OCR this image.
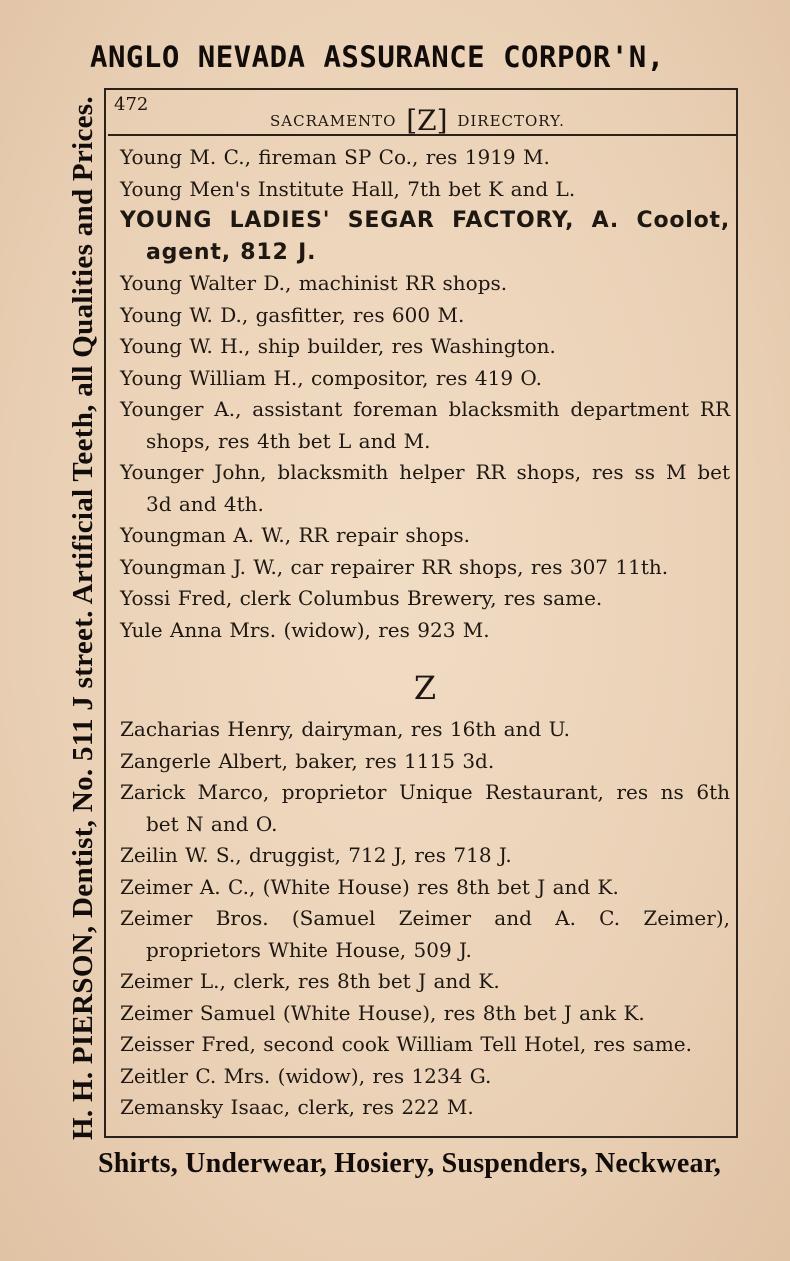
ANGLO NEVADA ASSURANCE CORPOR'N,
H. H. PIERSON, Dentist, No. 511 J street. Artificial Teeth, all Qualities and Prices. 472
SACRAMENTO [Z] DIRECTORY.
Young M. C., fireman SP Co., res 1919 M.
Young Men's Institute Hall, 7th bet K and L.
YOUNG LADIES' SEGAR FACTORY, A. Coolot, agent, 812 J.
Young Walter D., machinist RR shops.
Young W. D., gasfitter, res 600 M.
Young W. H., ship builder, res Washington.
Young William H., compositor, res 419 O.
Younger A., assistant foreman blacksmith department RR shops, res 4th bet L and M.
Younger John, blacksmith helper RR shops, res ss M bet 3d and 4th.
Youngman A. W., RR repair shops.
Youngman J. W., car repairer RR shops, res 307 11th.
Yossi Fred, clerk Columbus Brewery, res same.
Yule Anna Mrs. (widow), res 923 M.
Z
Zacharias Henry, dairyman, res 16th and U.
Zangerle Albert, baker, res 1115 3d.
Zarick Marco, proprietor Unique Restaurant, res ns 6th bet N and O.
Zeilin W. S., druggist, 712 J, res 718 J.
Zeimer A. C., (White House) res 8th bet J and K.
Zeimer Bros. (Samuel Zeimer and A. C. Zeimer), proprietors White House, 509 J.
Zeimer L., clerk, res 8th bet J and K.
Zeimer Samuel (White House), res 8th bet J ank K.
Zeisser Fred, second cook William Tell Hotel, res same.
Zeitler C. Mrs. (widow), res 1234 G.
Zemansky Isaac, clerk, res 222 M.
Shirts, Underwear, Hosiery, Suspenders, Neckwear,
